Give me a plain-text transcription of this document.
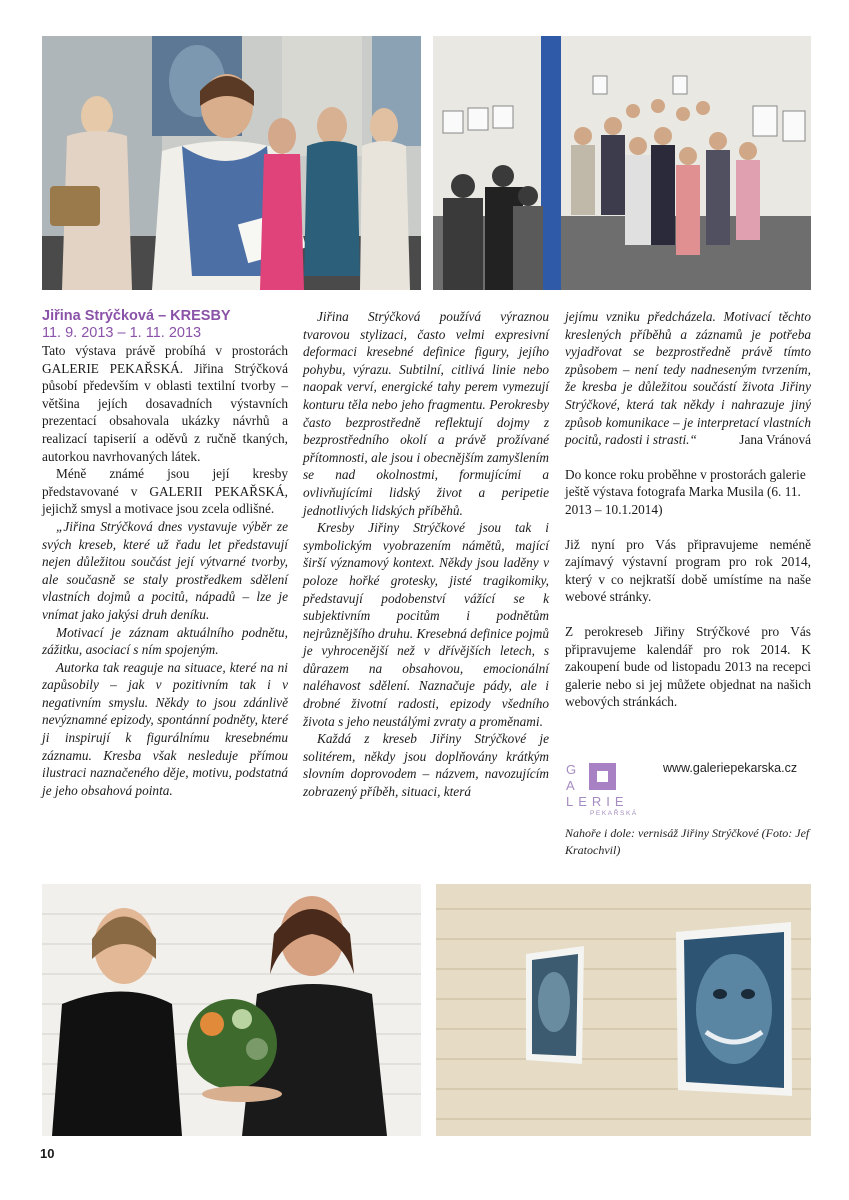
Jiřina Strýčková – KRESBY
11. 9. 2013 – 1. 11. 2013

Tato výstava právě probíhá v prostorách GALERIE PEKAŘSKÁ. Jiřina Strýčková působí především v oblasti textilní tvorby – většina jejích dosavadních výstavních prezentací obsahovala ukázky návrhů a realizací tapiserií a oděvů z ručně tkaných, autorkou navrhovaných látek.

Méně známé jsou její kresby představované v GALERII PEKAŘSKÁ, jejichž smysl a motivace jsou zcela odlišné.

„Jiřina Strýčková dnes vystavuje výběr ze svých kreseb, které už řadu let představují nejen důležitou součást její výtvarné tvorby, ale současně se staly prostředkem sdělení vlastních dojmů a pocitů, nápadů – lze je vnímat jako jakýsi druh deníku.

Motivací je záznam aktuálního podnětu, zážitku, asociací s ním spojeným.

Autorka tak reaguje na situace, které na ni zapůsobily – jak v pozitivním tak i v negativním smyslu. Někdy to jsou zdánlivě nevýznamné epizody, spontánní podněty, které ji inspirují k figurálnímu kresebnému záznamu. Kresba však nesleduje přímou ilustraci naznačeného děje, motivu, podstatná je jeho obsahová pointa.

Jiřina Strýčková používá výraznou tvarovou stylizaci, často velmi expresivní deformaci kresebné definice figury, jejího pohybu, výrazu. Subtilní, citlivá linie nebo naopak verví, energické tahy perem vymezují konturu těla nebo jeho fragmentu. Perokresby často bezprostředně reflektují dojmy z bezprostředního okolí a právě prožívané přítomnosti, ale jsou i obecnějším zamyšlením se nad okolnostmi, formujícími a ovlivňujícími lidský život a peripetie jednotlivých lidských příběhů.

Kresby Jiřiny Strýčkové jsou tak i symbolickým vyobrazením námětů, mající širší významový kontext. Někdy jsou laděny v poloze hořké grotesky, jisté tragikomiky, představují podobenství vážící se k subjektivním pocitům i podnětům nejrůznějšího druhu. Kresebná definice pojmů je vyhrocenější než v dřívějších letech, s důrazem na obsahovou, emocionální naléhavost sdělení. Naznačuje pády, ale i drobné životní radosti, epizody všedního života s jeho neustálými zvraty a proměnami.

Každá z kreseb Jiřiny Strýčkové je solitérem, někdy jsou doplňovány krátkým slovním doprovodem – názvem, navozujícím zobrazený příběh, situaci, která

jejímu vzniku předcházela. Motivací těchto kreslených příběhů a záznamů je potřeba vyjadřovat se bezprostředně právě tímto způsobem – není tedy nadneseným tvrzením, že kresba je důležitou součástí života Jiřiny Strýčkové, která tak někdy i nahrazuje jiný způsob komunikace – je interpretací vlastních pocitů, radosti i strasti.“	Jana Vránová

Do konce roku proběhne v prostorách galerie ještě výstava fotografa Marka Musila (6. 11. 2013 – 10.1.2014)

Již nyní pro Vás připravujeme neméně zajímavý výstavní program pro rok 2014, který v co nejkratší době umístíme na naše webové stránky.

Z perokreseb Jiřiny Strýčkové pro Vás připravujeme kalendář pro rok 2014. K zakoupení bude od listopadu 2013 na recepci galerie nebo si jej můžete objednat na našich webových stránkách.

G
A
LERIE
PEKAŘSKÁ
www.galeriepekarska.cz
Nahoře i dole: vernisáž Jiřiny Strýčkové (Foto: Jef Kratochvil)
10
